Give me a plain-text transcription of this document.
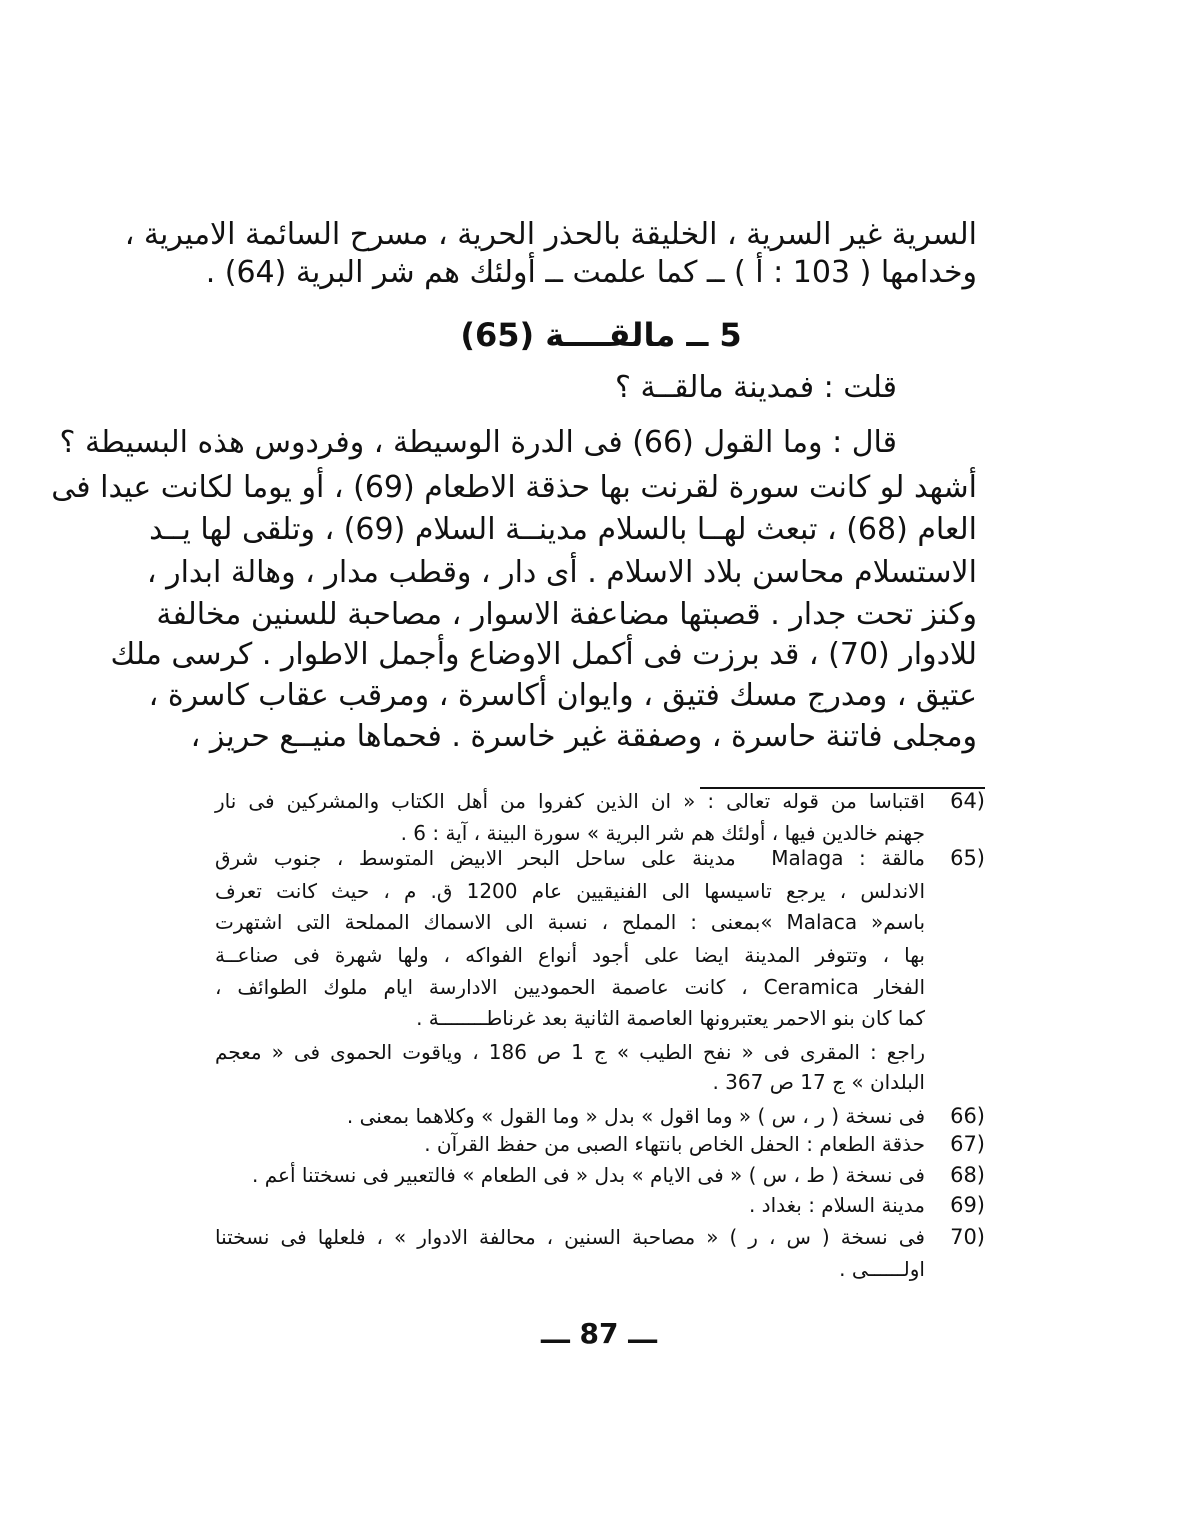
السرية غير السرية ، الخليقة بالحذر الحرية ، مسرح السائمة الاميرية ،
وخدامها ( 103 : أ ) ــ كما علمت ــ أولئك هم شر البرية (64) .
5 ــ مالقــــة (65)
قلت : فمدينة مالقــة ؟
قال : وما القول (66) فى الدرة الوسيطة ، وفردوس هذه البسيطة ؟
أشهد لو كانت سورة لقرنت بها حذقة الاطعام (69) ، أو يوما لكانت عيدا فى
العام (68) ، تبعث لهــا بالسلام مدينــة السلام (69) ، وتلقى لها يــد
الاستسلام محاسن بلاد الاسلام . أى دار ، وقطب مدار ، وهالة ابدار ،
وكنز تحت جدار . قصبتها مضاعفة الاسوار ، مصاحبة للسنين مخالفة
للادوار (70) ، قد برزت فى أكمل الاوضاع وأجمل الاطوار . كرسى ملك
عتيق ، ومدرج مسك فتيق ، وايوان أكاسرة ، ومرقب عقاب كاسرة ،
ومجلى فاتنة حاسرة ، وصفقة غير خاسرة . فحماها منيــع حريز ،
64)
اقتباسا من قوله تعالى : « ان الذين كفروا من أهل الكتاب والمشركين فى نار
جهنم خالدين فيها ، أولئك هم شر البرية » سورة البينة ، آية : 6 .
65)
مالقة : Malaga مدينة على ساحل البحر الابيض المتوسط ، جنوب شرق
الاندلس ، يرجع تاسيسها الى الفنيقيين عام 1200 ق. م ، حيث كانت تعرف
باسم« Malaca »بمعنى : المملح ، نسبة الى الاسماك المملحة التى اشتهرت
بها ، وتتوفر المدينة ايضا على أجود أنواع الفواكه ، ولها شهرة فى صناعــة
الفخار Ceramica ، كانت عاصمة الحموديين الادارسة ايام ملوك الطوائف ،
كما كان بنو الاحمر يعتبرونها العاصمة الثانية بعد غرناطــــــــة .
راجع : المقرى فى « نفح الطيب » ج 1 ص 186 ، وياقوت الحموى فى « معجم
البلدان » ج 17 ص 367 .
66)
فى نسخة ( ر ، س ) « وما اقول » بدل « وما القول » وكلاهما بمعنى .
67)
حذقة الطعام : الحفل الخاص بانتهاء الصبى من حفظ القرآن .
68)
فى نسخة ( ط ، س ) « فى الايام » بدل « فى الطعام » فالتعبير فى نسختنا أعم .
69)
مدينة السلام : بغداد .
70)
فى نسخة ( س ، ر ) « مصاحبة السنين ، محالفة الادوار » ، فلعلها فى نسختنا
اولــــــى .
ـــ 87 ـــ
